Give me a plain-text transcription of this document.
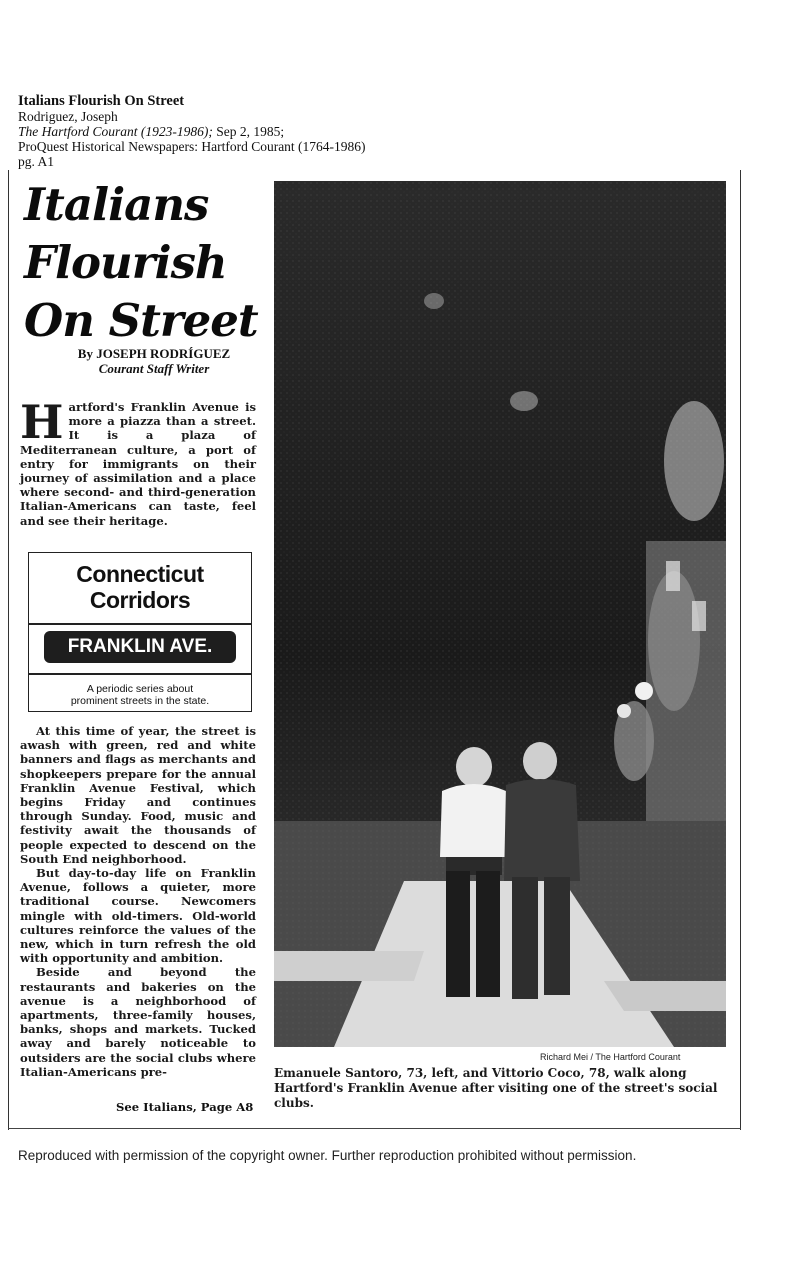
Italians Flourish On Street
Rodriguez, Joseph
The Hartford Courant (1923-1986); Sep 2, 1985;
ProQuest Historical Newspapers: Hartford Courant (1764-1986)
pg. A1
Italians
Flourish
On Street
By JOSEPH RODRÍGUEZ
Courant Staff Writer
H artford's Franklin Avenue is more a piazza than a street. It is a plaza of Mediterranean culture, a port of entry for immigrants on their journey of assimilation and a place where second- and third-generation Italian-Americans can taste, feel and see their heritage.
Connecticut
Corridors
FRANKLIN AVE.
A periodic series about
prominent streets in the state.

At this time of year, the street is awash with green, red and white banners and flags as merchants and shopkeepers prepare for the annual Franklin Avenue Festival, which begins Friday and continues through Sunday. Food, music and festivity await the thousands of people expected to descend on the South End neighborhood.

But day-to-day life on Franklin Avenue, follows a quieter, more traditional course. Newcomers mingle with old-timers. Old-world cultures reinforce the values of the new, which in turn refresh the old with opportunity and ambition.

Beside and beyond the restaurants and bakeries on the avenue is a neighborhood of apartments, three-family houses, banks, shops and markets. Tucked away and barely noticeable to outsiders are the social clubs where Italian-Americans pre-

See Italians, Page A8
Richard Mei / The Hartford Courant
Emanuele Santoro, 73, left, and Vittorio Coco, 78, walk along Hartford's Franklin Avenue after visiting one of the street's social clubs.
Reproduced with permission of the copyright owner. Further reproduction prohibited without permission.
